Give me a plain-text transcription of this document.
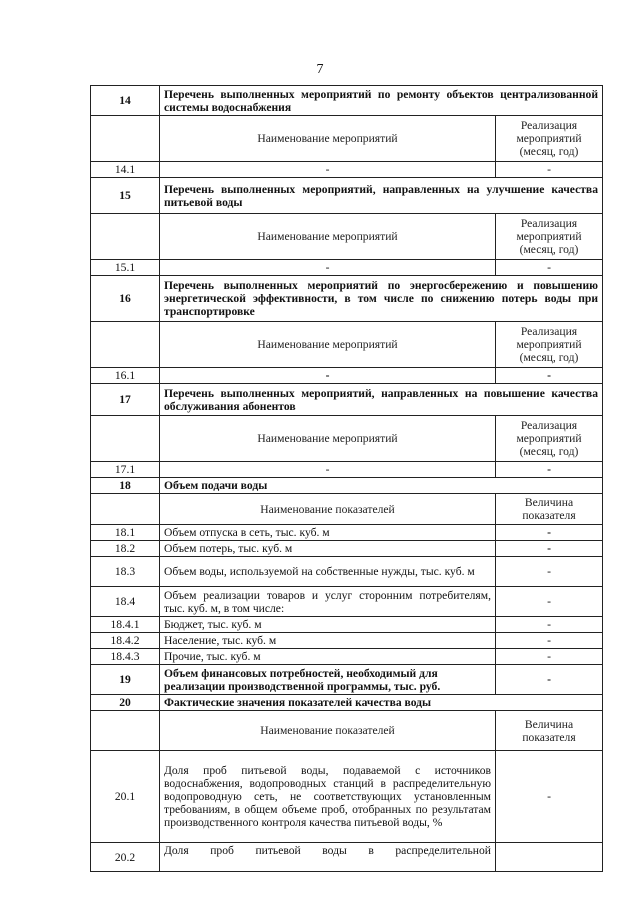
7
14	Перечень выполненных мероприятий по ремонту объектов централизованной системы водоснабжения	
	Наименование мероприятий	Реализация мероприятий (месяц, год)
14.1	-	-
15	Перечень выполненных мероприятий, направленных на улучшение качества питьевой воды	
	Наименование мероприятий	Реализация мероприятий (месяц, год)
15.1	-	-
16	Перечень выполненных мероприятий по энергосбережению и повышению энергетической эффективности, в том числе по снижению потерь воды при транспортировке	
	Наименование мероприятий	Реализация мероприятий (месяц, год)
16.1	-	-
17	Перечень выполненных мероприятий, направленных на повышение качества обслуживания абонентов	
	Наименование мероприятий	Реализация мероприятий (месяц, год)
17.1	-	-
18	Объем подачи воды	
	Наименование показателей	Величина показателя
18.1	Объем отпуска в сеть, тыс. куб. м	-
18.2	Объем потерь, тыс. куб. м	-
18.3	Объем воды, используемой на собственные нужды, тыс. куб. м	-
18.4	Объем реализации товаров и услуг сторонним потребителям, тыс. куб. м, в том числе:	-
18.4.1	Бюджет, тыс. куб. м	-
18.4.2	Население, тыс. куб. м	-
18.4.3	Прочие, тыс. куб. м	-
19	Объем финансовых потребностей, необходимый для реализации производственной программы, тыс. руб.	-
20	Фактические значения показателей качества воды	
	Наименование показателей	Величина показателя
20.1	Доля проб питьевой воды, подаваемой с источников водоснабжения, водопроводных станций в распределительную водопроводную сеть, не соответствующих установленным требованиям, в общем объеме проб, отобранных по результатам производственного контроля качества питьевой воды, %	-
20.2	Доля проб питьевой воды в распределительной	
